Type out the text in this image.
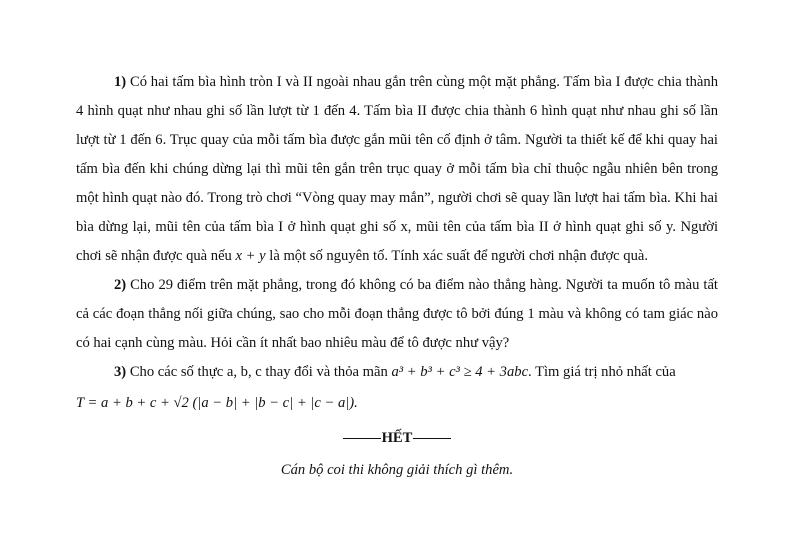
1) Có hai tấm bìa hình tròn I và II ngoài nhau gắn trên cùng một mặt phẳng. Tấm bìa I được chia thành 4 hình quạt như nhau ghi số lần lượt từ 1 đến 4. Tấm bìa II được chia thành 6 hình quạt như nhau ghi số lần lượt từ 1 đến 6. Trục quay của mỗi tấm bìa được gắn mũi tên cố định ở tâm. Người ta thiết kế để khi quay hai tấm bìa đến khi chúng dừng lại thì mũi tên gắn trên trục quay ở mỗi tấm bìa chỉ thuộc ngẫu nhiên bên trong một hình quạt nào đó. Trong trò chơi “Vòng quay may mắn”, người chơi sẽ quay lần lượt hai tấm bìa. Khi hai bìa dừng lại, mũi tên của tấm bìa I ở hình quạt ghi số x, mũi tên của tấm bìa II ở hình quạt ghi số y. Người chơi sẽ nhận được quà nếu x + y là một số nguyên tố. Tính xác suất để người chơi nhận được quà.

2) Cho 29 điểm trên mặt phẳng, trong đó không có ba điểm nào thẳng hàng. Người ta muốn tô màu tất cả các đoạn thẳng nối giữa chúng, sao cho mỗi đoạn thẳng được tô bởi đúng 1 màu và không có tam giác nào có hai cạnh cùng màu. Hỏi cần ít nhất bao nhiêu màu để tô được như vậy?

3) Cho các số thực a, b, c thay đổi và thỏa mãn a³ + b³ + c³ ≥ 4 + 3abc. Tìm giá trị nhỏ nhất của

T = a + b + c + √2 (|a − b| + |b − c| + |c − a|).

HẾT
Cán bộ coi thi không giải thích gì thêm.
